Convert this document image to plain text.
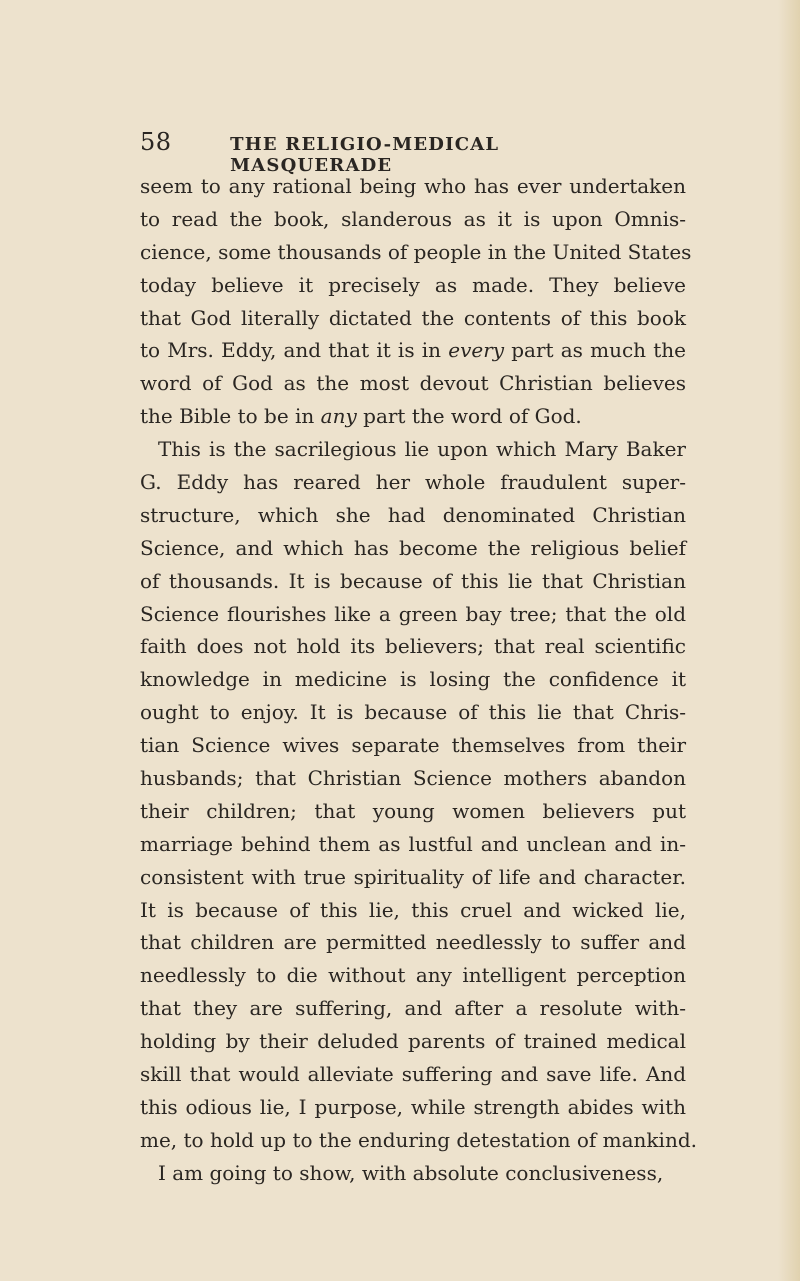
58	THE RELIGIO-MEDICAL MASQUERADE
seem to any rational being who has ever undertaken
to read the book, slanderous as it is upon Omnis-
cience, some thousands of people in the United States
today believe it precisely as made. They believe
that God literally dictated the contents of this book
to Mrs. Eddy, and that it is in every part as much the
word of God as the most devout Christian believes
the Bible to be in any part the word of God.
This is the sacrilegious lie upon which Mary Baker
G. Eddy has reared her whole fraudulent super-
structure, which she had denominated Christian
Science, and which has become the religious belief
of thousands. It is because of this lie that Christian
Science flourishes like a green bay tree; that the old
faith does not hold its believers; that real scientific
knowledge in medicine is losing the confidence it
ought to enjoy. It is because of this lie that Chris-
tian Science wives separate themselves from their
husbands; that Christian Science mothers abandon
their children; that young women believers put
marriage behind them as lustful and unclean and in-
consistent with true spirituality of life and character.
It is because of this lie, this cruel and wicked lie,
that children are permitted needlessly to suffer and
needlessly to die without any intelligent perception
that they are suffering, and after a resolute with-
holding by their deluded parents of trained medical
skill that would alleviate suffering and save life. And
this odious lie, I purpose, while strength abides with
me, to hold up to the enduring detestation of mankind.
I am going to show, with absolute conclusiveness,
